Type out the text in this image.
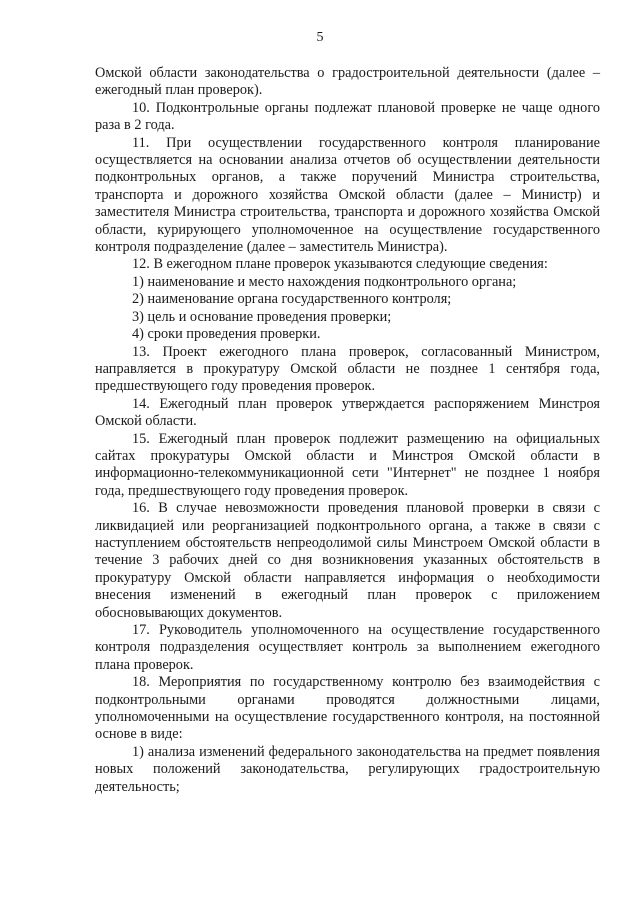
5

Омской области законодательства о градостроительной деятельности (далее – ежегодный план проверок).

10. Подконтрольные органы подлежат плановой проверке не чаще одного раза в 2 года.

11. При осуществлении государственного контроля планирование осуществляется на основании анализа отчетов об осуществлении деятельности подконтрольных органов, а также поручений Министра строительства, транспорта и дорожного хозяйства Омской области (далее – Министр) и заместителя Министра строительства, транспорта и дорожного хозяйства Омской области, курирующего уполномоченное на осуществление государственного контроля подразделение (далее – заместитель Министра).

12. В ежегодном плане проверок указываются следующие сведения:

1) наименование и место нахождения подконтрольного органа;

2) наименование органа государственного контроля;

3) цель и основание проведения проверки;

4) сроки проведения проверки.

13. Проект ежегодного плана проверок, согласованный Министром, направляется в прокуратуру Омской области не позднее 1 сентября года, предшествующего году проведения проверок.

14. Ежегодный план проверок утверждается распоряжением Минстроя Омской области.

15. Ежегодный план проверок подлежит размещению на официальных сайтах прокуратуры Омской области и Минстроя Омской области в информационно-телекоммуникационной сети "Интернет" не позднее 1 ноября года, предшествующего году проведения проверок.

16. В случае невозможности проведения плановой проверки в связи с ликвидацией или реорганизацией подконтрольного органа, а также в связи с наступлением обстоятельств непреодолимой силы Минстроем Омской области в течение 3 рабочих дней со дня возникновения указанных обстоятельств в прокуратуру Омской области направляется информация о необходимости внесения изменений в ежегодный план проверок с приложением обосновывающих документов.

17. Руководитель уполномоченного на осуществление государственного контроля подразделения осуществляет контроль за выполнением ежегодного плана проверок.

18. Мероприятия по государственному контролю без взаимодействия с подконтрольными органами проводятся должностными лицами, уполномоченными на осуществление государственного контроля, на постоянной основе в виде:

1) анализа изменений федерального законодательства на предмет появления новых положений законодательства, регулирующих градостроительную деятельность;
